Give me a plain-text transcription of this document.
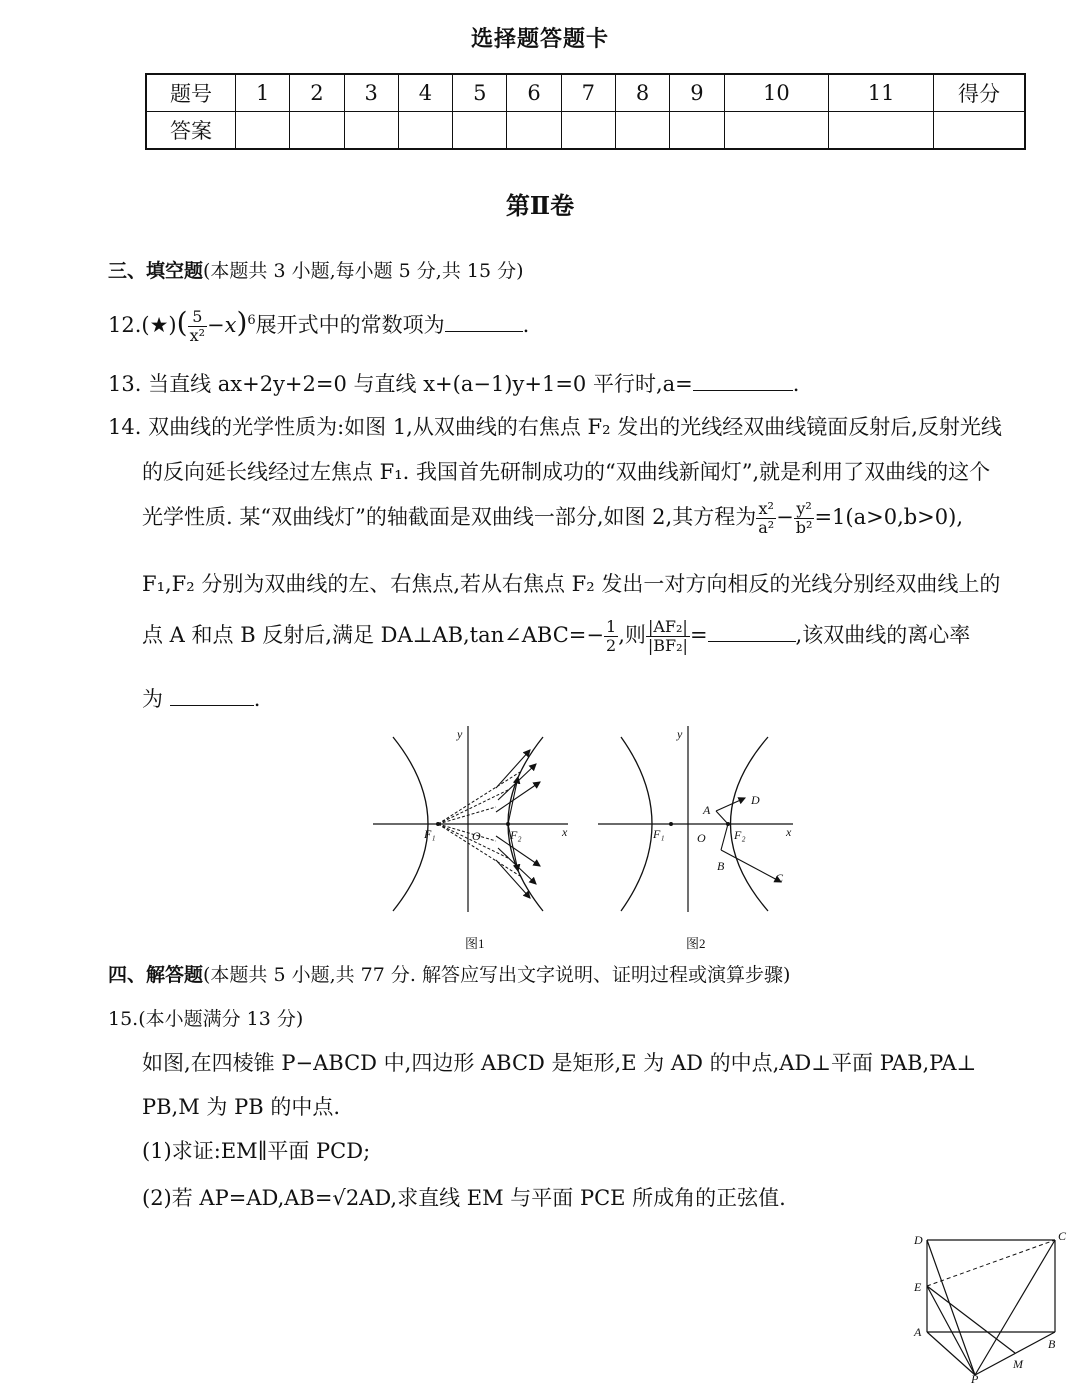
选择题答题卡
题号	1	2	3	4	5	6	7	8	9	10	11	得分
答案												
第Ⅱ卷
三、填空题(本题共 3 小题,每小题 5 分,共 15 分)
12.(★)( $\frac{5}{\text{x²}} -x)^6$展开式中的常数项为	.
13. 当直线 ax+2y+2=0 与直线 x+(a−1)y+1=0 平行时,a=	.
14. 双曲线的光学性质为:如图 1,从双曲线的右焦点 F₂ 发出的光线经双曲线镜面反射后,反射光线
的反向延长线经过左焦点 F₁. 我国首先研制成功的“双曲线新闻灯”,就是利用了双曲线的这个
光学性质. 某“双曲线灯”的轴截面是双曲线一部分,如图 2,其方程为 $\frac{\text{x²}}{\text{a²}} - \frac{\text{y²}}{\text{b²}} =1(a>0,b>0)$,
F₁,F₂ 分别为双曲线的左、右焦点,若从右焦点 F₂ 发出一对方向相反的光线分别经双曲线上的
点 A 和点 B 反射后,满足 DA⊥AB,tan∠ABC=− $\frac{1}{2}$ ,则 $\frac{\text{|AF₂|}}{\text{|BF₂|}}$ =	,该双曲线的离心率
为	.
y
x
F₁	O F₂
图1
y
x
F₁	O F₂
A
B
C
D
图2
四、解答题(本题共 5 小题,共 77 分. 解答应写出文字说明、证明过程或演算步骤)
15.(本小题满分 13 分)
如图,在四棱锥 P−ABCD 中,四边形 ABCD 是矩形,E 为 AD 的中点,AD⊥平面 PAB,PA⊥
PB,M 为 PB 的中点.
(1)求证:EM∥平面 PCD;
(2)若 AP=AD,AB=√2AD,求直线 EM 与平面 PCE 所成角的正弦值.
D	C
E
A
B
M
P
